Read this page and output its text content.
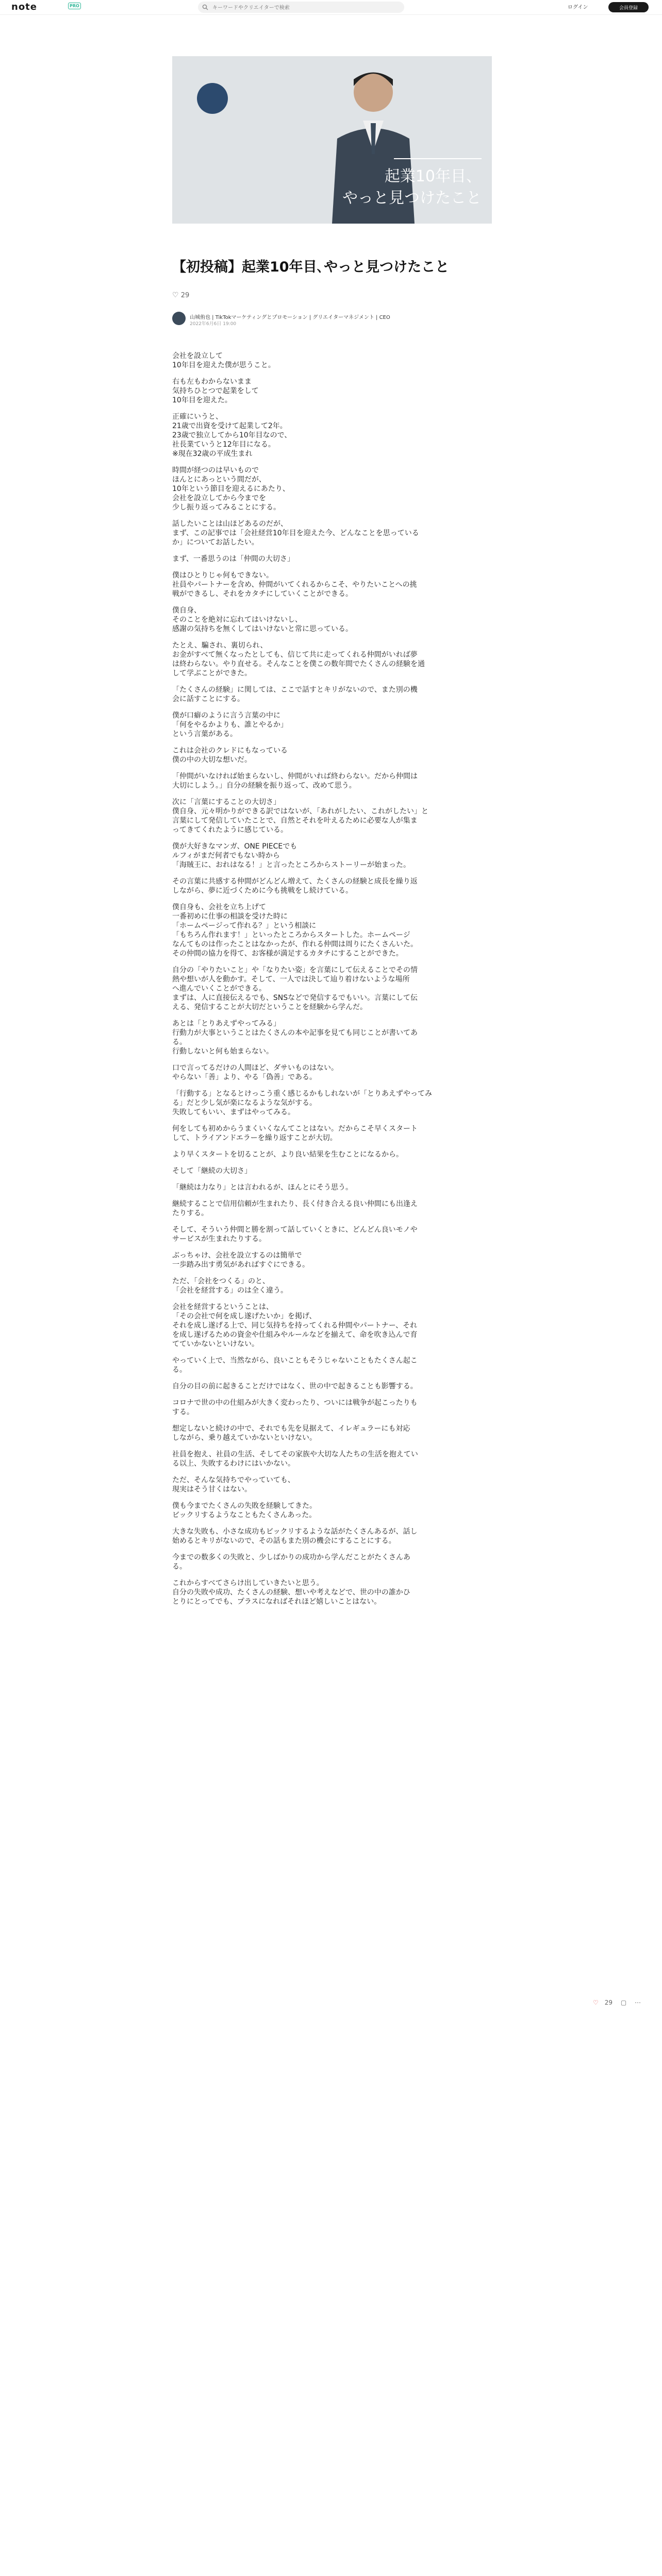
note	PRO
キーワードやクリエイターで検索	ログイン	会員登録
起業10年目、
やっと見つけたこと
【初投稿】起業10年目､やっと見つけたこと
♡ 29
山城侑也 | TikTokマーケティングとプロモーション | グリエイターマネジメント | CEO
2022年6月6日 19:00
会社を設立して
10年目を迎えた僕が思うこと。
右も左もわからないまま
気持ちひとつで起業をして
10年目を迎えた。
正確にいうと、
21歳で出資を受けて起業して2年。
23歳で独立してから10年目なので、
社長業ていうと12年目になる。
※現在32歳の平成生まれ
時間が経つのは早いもので
ほんとにあっという間だが、
10年という節目を迎えるにあたり、
会社を設立してから今までを
少し振り返ってみることにする。
話したいことは山ほどあるのだが、
まず、この記事では「会社経営10年目を迎えた今、どんなことを思っている
か」についてお話したい。
まず、一番思うのは「仲間の大切さ」
僕はひとりじゃ何もできない。
社員やパートナーを含め、仲間がいてくれるからこそ、やりたいことへの挑
戦ができるし、それをカタチにしていくことができる。
僕自身、
そのことを絶対に忘れてはいけないし、
感謝の気持ちを無くしてはいけないと常に思っている。
たとえ、騙され、裏切られ、
お金がすべて無くなったとしても、信じて共に走ってくれる仲間がいれば夢
は終わらない。やり直せる。そんなことを僕この数年間でたくさんの経験を通
して学ぶことができた。
「たくさんの経験」に関しては、ここで話すとキリがないので、また別の機
会に話すことにする。
僕が口癖のように言う言葉の中に
「何をやるかよりも、誰とやるか」
という言葉がある。
これは会社のクレドにもなっている
僕の中の大切な想いだ。
「仲間がいなければ始まらないし、仲間がいれば終わらない。だから仲間は
大切にしよう。」自分の経験を振り返って、改めて思う。
次に「言葉にすることの大切さ」
僕自身、元々明かりができる訳ではないが、「あれがしたい、これがしたい」と
言葉にして発信していたことで、自然とそれを叶えるために必要な人が集ま
ってきてくれたように感じている。
僕が大好きなマンガ、ONE PIECEでも
ルフィがまだ何者でもない時から
「海賊王に、おれはなる！」と言ったところからストーリーが始まった。
その言葉に共感する仲間がどんどん増えて、たくさんの経験と成長を繰り返
しながら、夢に近づくために今も挑戦をし続けている。
僕自身も、会社を立ち上げて
一番初めに仕事の相談を受けた時に
「ホームページって作れる？」という相談に
「もちろん作れます！」といったところからスタートした。ホームページ
なんてものは作ったことはなかったが、作れる仲間は周りにたくさんいた。
その仲間の協力を得て、お客様が満足するカタチにすることができた。
自分の「やりたいこと」や「なりたい姿」を言葉にして伝えることでその情
熱や想いが人を動かす。そして、一人では決して辿り着けないような場所
へ進んでいくことができる。
まずは、人に直接伝えるでも、SNSなどで発信するでもいい。言葉にして伝
える、発信することが大切だということを経験から学んだ。
あとは「とりあえずやってみる」
行動力が大事ということはたくさんの本や記事を見ても同じことが書いてあ
る。
行動しないと何も始まらない。
口で言ってるだけの人間ほど、ダサいものはない。
やらない「善」より、やる「偽善」である。
「行動する」となるとけっこう重く感じるかもしれないが「とりあえずやってみ
る」だと少し気が楽になるような気がする。
失敗してもいい、まずはやってみる。
何をしても初めからうまくいくなんてことはない。だからこそ早くスタート
して、トライアンドエラーを繰り返すことが大切。
より早くスタートを切ることが、より良い結果を生むことになるから。
そして「継続の大切さ」
「継続は力なり」とは言われるが、ほんとにそう思う。
継続することで信用信頼が生まれたり、長く付き合える良い仲間にも出逢え
たりする。
そして、そういう仲間と勝を割って話していくときに、どんどん良いモノや
サービスが生まれたりする。
ぶっちゃけ、会社を設立するのは簡単で
一歩踏み出す勇気があればすぐにできる。
ただ、「会社をつくる」のと、
「会社を経営する」のは全く違う。
会社を経営するということは、
「その会社で何を成し遂げたいか」を掲げ、
それを成し遂げる上で、同じ気持ちを持ってくれる仲間やパートナー、それ
を成し遂げるための資金や仕組みやルールなどを揃えて、命を吹き込んで育
てていかないといけない。
やっていく上で、当然ながら、良いこともそうじゃないこともたくさん起こ
る。
自分の目の前に起きることだけではなく、世の中で起きることも影響する。
コロナで世の中の仕組みが大きく変わったり、ついには戦争が起こったりも
する。
想定しないと続けの中で、それでも先を見据えて、イレギュラーにも対応
しながら、乗り越えていかないといけない。
社員を抱え、社員の生活、そしてその家族や大切な人たちの生活を抱えてい
る以上、失敗するわけにはいかない。
ただ、そんな気持ちでやっていても、
現実はそう甘くはない。
僕も今までたくさんの失敗を経験してきた。
ビックリするようなこともたくさんあった。
大きな失敗も、小さな成功もビックリするような話がたくさんあるが、話し
始めるとキリがないので、その話もまた別の機会にすることにする。
今までの数多くの失敗と、少しばかりの成功から学んだことがたくさんあ
る。
これからすべてさらけ出していきたいと思う。
自分の失敗や成功、たくさんの経験、想いや考えなどで、世の中の誰かひ
とりにとってでも、プラスになればそれほど嬉しいことはない。
♡ 29 ▢ ⋯
